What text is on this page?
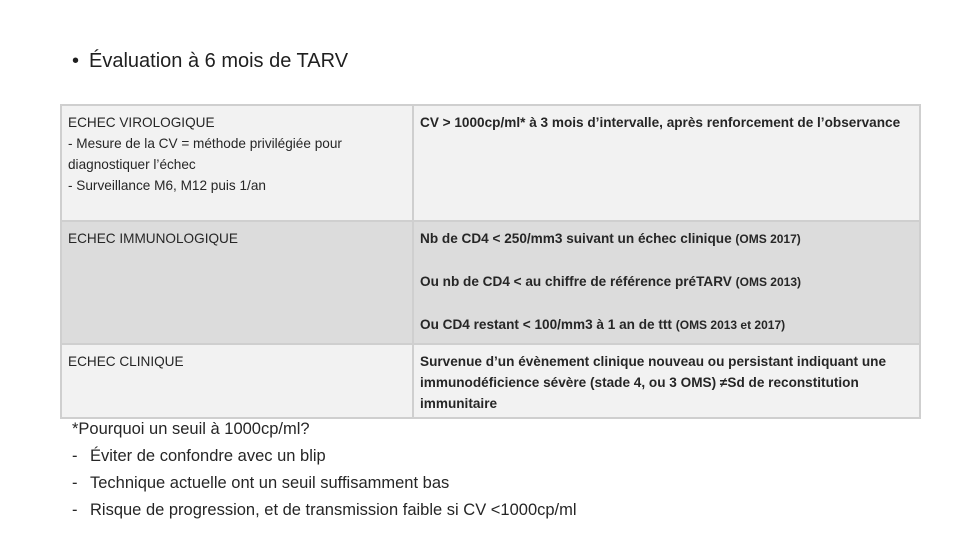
• Évaluation à 6 mois de TARV
ECHEC VIROLOGIQUE
- Mesure de la CV = méthode privilégiée pour
diagnostiquer l’échec
- Surveillance M6, M12 puis 1/an	CV > 1000cp/ml* à 3 mois d’intervalle, après renforcement de l’observance
ECHEC IMMUNOLOGIQUE	Nb de CD4 < 250/mm3 suivant un échec clinique (OMS 2017)
Ou nb de CD4 < au chiffre de référence préTARV (OMS 2013)
Ou CD4 restant < 100/mm3 à 1 an de ttt (OMS 2013 et 2017)

ECHEC CLINIQUE	Survenue d’un évènement clinique nouveau ou persistant indiquant une immunodéficience sévère (stade 4, ou 3 OMS) ≠Sd de reconstitution immunitaire
*Pourquoi un seuil à 1000cp/ml?
- Éviter de confondre avec un blip
- Technique actuelle ont un seuil suffisamment bas
- Risque de progression, et de transmission faible si CV <1000cp/ml
